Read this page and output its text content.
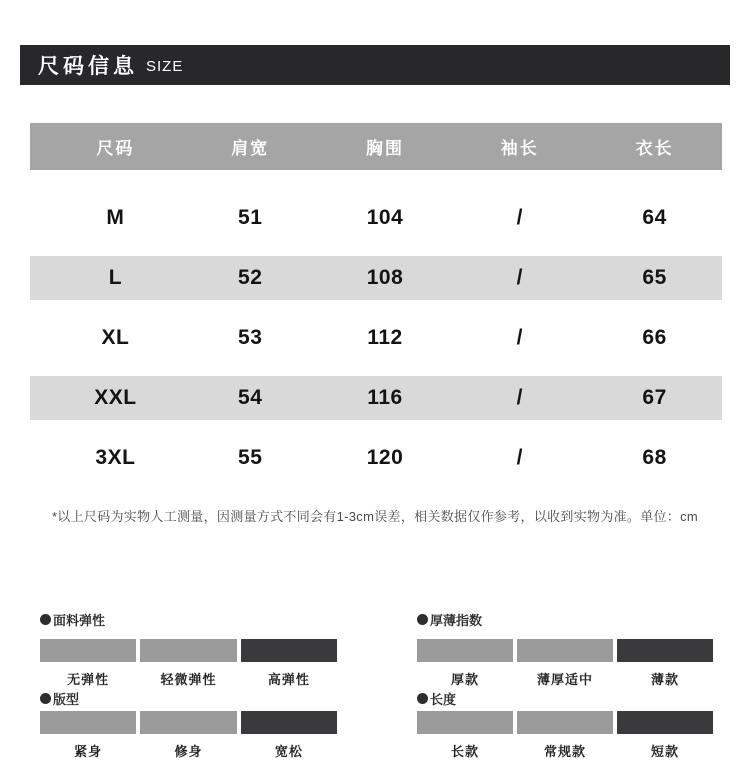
尺码信息 SIZE
尺码	肩宽	胸围	袖长	衣长
M	51	104	/	64
L	52	108	/	65
XL	53	112	/	66
XXL	54	116	/	67
3XL	55	120	/	68
*以上尺码为实物人工测量，因测量方式不同会有1-3cm误差，相关数据仅作参考，以收到实物为准。单位：cm
面料弹性
无弹性	轻微弹性	高弹性
厚薄指数
厚款	薄厚适中	薄款
版型
紧身	修身	宽松
长度
长款	常规款	短款
